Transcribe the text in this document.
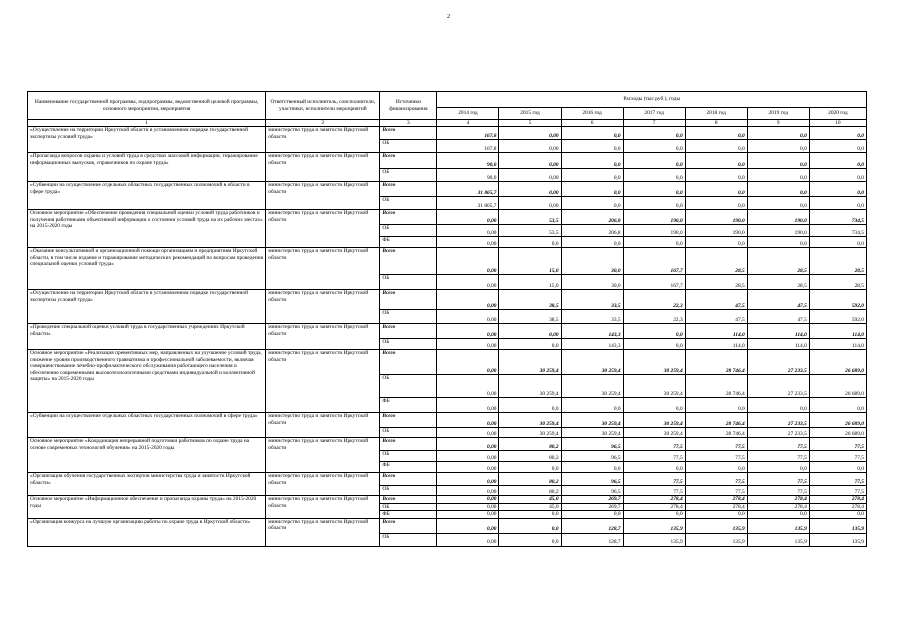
2
Наименование государственной программы, подпрограммы, ведомственной целевой программы, основного мероприятия, мероприятия	Ответственный исполнитель, соисполнители, участники, исполнители мероприятий	Источники финансирования	Расходы (тыс.руб.), годы						
			2014 год	2015 год	2016 год	2017 год	2018 год	2019 год	2020 год
1	2	3	4	5	6	7	8	9	10
«Осуществление на территории Иркутской области в установленном порядке государственной экспертизы условий труда»	министерство труда и занятости Иркутской области	Всего	167,8	0,00	0,0	0,0	0,0	0,0	0,0
		ОБ	167,8	0,00	0,0	0,0	0,0	0,0	0,0
«Пропаганда вопросов охраны и условий труда в средствах массовой информации, тиражирование информационных выпусков, справочников по охране труда»	министерство труда и занятости Иркутской области	Всего	90,0	0,00	0,0	0,0	0,0	0,0	0,0
		ОБ	90,0	0,00	0,0	0,0	0,0	0,0	0,0
«Субвенции на осуществление отдельных областных государственных полномочий в области в сфере труда»	министерство труда и занятости Иркутской области	Всего	31 865,7	0,00	0,0	0,0	0,0	0,0	0,0
		ОБ	31 865,7	0,00	0,0	0,0	0,0	0,0	0,0
Основное мероприятие «Обеспечение проведения специальной оценки условий труда работников и получения работниками объективной информации о состоянии условий труда на их рабочих местах» на 2015-2020 годы	министерство труда и занятости Иркутской области	Всего	0,00	53,5	206,8	190,0	190,0	190,0	734,5
		ОБ	0,00	53,5	206,8	190,0	190,0	190,0	734,5
		ФБ	0,00	0,0	0,0	0,0	0,0	0,0	0,0
«Оказание консультативной и организационной помощи организациям и предприятиям Иркутской области, в том числе издание и тиражирование методических рекомендаций по вопросам проведения специальной оценки условий труда»	министерство труда и занятости Иркутской области	Всего	0,00	15,0	30,0	167,7	28,5	28,5	28,5
		ОБ	0,00	15,0	30,0	167,7	28,5	28,5	28,5
«Осуществление на территории Иркутской области в установленном порядке государственной экспертизы условий труда»	министерство труда и занятости Иркутской области	Всего	0,00	38,5	33,5	22,3	47,5	47,5	592,0
		ОБ	0,00	38,5	33,5	22,3	47,5	47,5	592,0
«Проведение специальной оценки условий труда в государственных учреждениях Иркутской области»	министерство труда и занятости Иркутской области	Всего	0,00	0,00	143,3	0,0	114,0	114,0	114,0
		ОБ	0,00	0,0	143,3	0,0	114,0	114,0	114,0
Основное мероприятие «Реализация превентивных мер, направленных на улучшение условий труда, снижение уровня производственного травматизма и профессиональной заболеваемости, включая совершенствование лечебно-профилактического обслуживания работающего населения и обеспечение современными высокотехнологичными средствами индивидуальной и коллективной защиты» на 2015-2020 годы	министерство труда и занятости Иркутской области	Всего	0,00	30 259,4	30 259,4	30 259,4	28 746,4	27 233,5	26 689,0
		ОБ	0,00	30 259,4	30 259,4	30 259,4	28 746,4	27 233,5	26 689,0
		ФБ	0,00	0,0	0,0	0,0	0,0	0,0	0,0
«Субвенции на осуществление отдельных областных государственных полномочий в сфере труда»	министерство труда и занятости Иркутской области	Всего	0,00	30 259,4	30 259,4	30 259,4	28 746,4	27 233,5	26 689,0
		ОБ	0,00	30 259,4	30 259,4	30 259,4	28 746,4	27 233,5	26 689,0
Основное мероприятие «Координация непрерывной подготовки работников по охране труда на основе современных технологий обучения» на 2015-2020 годы	министерство труда и занятости Иркутской области	Всего	0,00	80,2	96,5	77,5	77,5	77,5	77,5
		ОБ	0,00	80,2	96,5	77,5	77,5	77,5	77,5
		ФБ	0,00	0,0	0,0	0,0	0,0	0,0	0,0
«Организация обучения государственных экспертов министерства труда и занятости Иркутской области»	министерство труда и занятости Иркутской области	Всего	0,00	80,2	96,5	77,5	77,5	77,5	77,5
		ОБ	0,00	80,2	96,5	77,5	77,5	77,5	77,5
Основное мероприятие «Информационное обеспечение и пропаганда охраны труда» на 2015-2020 годы	министерство труда и занятости Иркутской области	Всего	0,00	45,0	269,7	278,4	278,4	278,4	278,4
		ОБ	0,00	45,0	269,7	278,4	278,4	278,4	278,4
		ФБ	0,00	0,0	0,0	0,0	0,0	0,0	0,0
«Организация конкурса на лучшую организацию работы по охране труда в Иркутской области»	министерство труда и занятости Иркутской области	Всего	0,00	0,0	128,7	135,9	135,9	135,9	135,9
		ОБ	0,00	0,0	128,7	135,9	135,9	135,9	135,9
